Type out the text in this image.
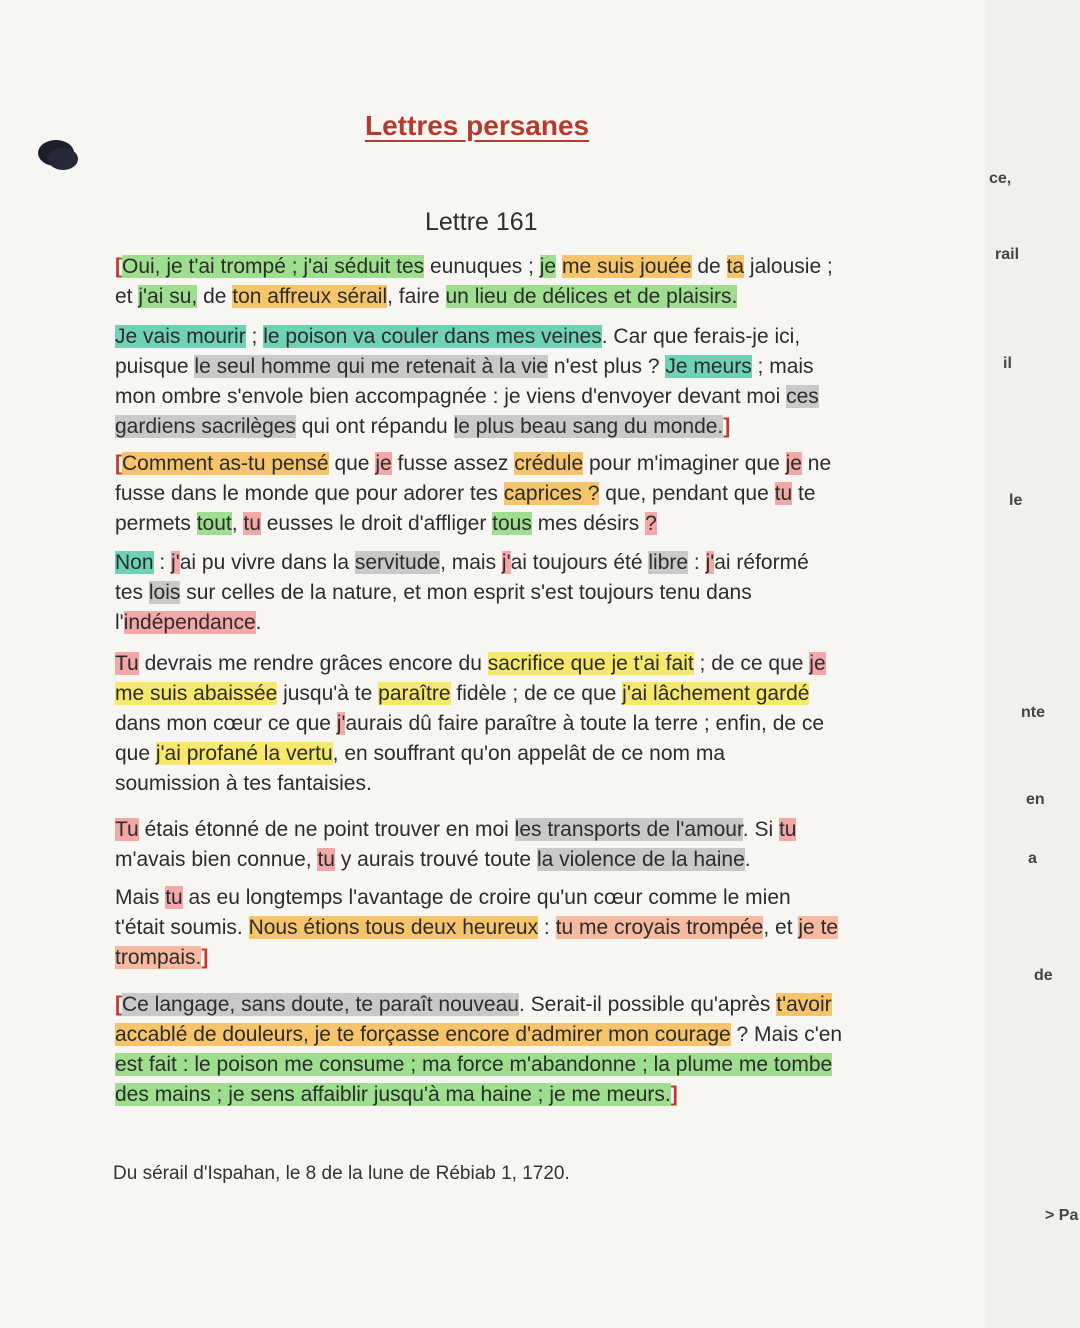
Lettres persanes
Lettre 161
[Oui, je t'ai trompé ; j'ai séduit tes eunuques ; je me suis jouée de ta jalousie ;
et j'ai su, de ton affreux sérail, faire un lieu de délices et de plaisirs.
Je vais mourir ; le poison va couler dans mes veines. Car que ferais-je ici,
puisque le seul homme qui me retenait à la vie n'est plus ? Je meurs ; mais
mon ombre s'envole bien accompagnée : je viens d'envoyer devant moi ces
gardiens sacrilèges qui ont répandu le plus beau sang du monde.]
[Comment as-tu pensé que je fusse assez crédule pour m'imaginer que je ne
fusse dans le monde que pour adorer tes caprices ? que, pendant que tu te
permets tout, tu eusses le droit d'affliger tous mes désirs ?
Non : j'ai pu vivre dans la servitude, mais j'ai toujours été libre : j'ai réformé
tes lois sur celles de la nature, et mon esprit s'est toujours tenu dans
l'indépendance.
Tu devrais me rendre grâces encore du sacrifice que je t'ai fait ; de ce que je
me suis abaissée jusqu'à te paraître fidèle ; de ce que j'ai lâchement gardé
dans mon cœur ce que j'aurais dû faire paraître à toute la terre ; enfin, de ce
que j'ai profané la vertu, en souffrant qu'on appelât de ce nom ma
soumission à tes fantaisies.
Tu étais étonné de ne point trouver en moi les transports de l'amour. Si tu
m'avais bien connue, tu y aurais trouvé toute la violence de la haine.
Mais tu as eu longtemps l'avantage de croire qu'un cœur comme le mien
t'était soumis. Nous étions tous deux heureux : tu me croyais trompée, et je te
trompais.]
[Ce langage, sans doute, te paraît nouveau. Serait-il possible qu'après t'avoir
accablé de douleurs, je te forçasse encore d'admirer mon courage ? Mais c'en
est fait : le poison me consume ; ma force m'abandonne ; la plume me tombe
des mains ; je sens affaiblir jusqu'à ma haine ; je me meurs.]
Du sérail d'Ispahan, le 8 de la lune de Rébiab 1, 1720.
ce,
rail
il
le
nte
en
a
de
> Pa
